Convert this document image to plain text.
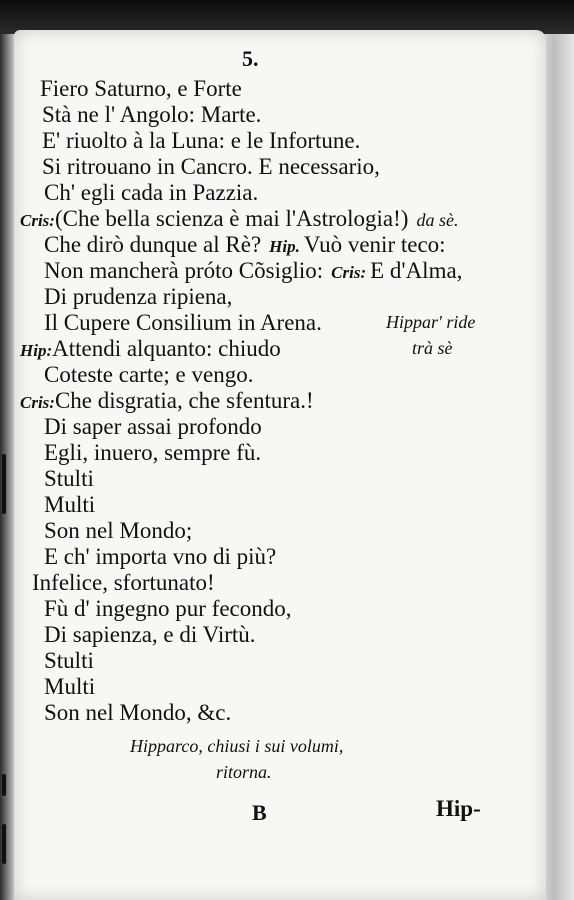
5.
Fiero Saturno, e Forte
Stà ne l' Angolo: Marte.
E' riuolto à la Luna: e le Infortune.
Si ritrouano in Cancro. E necessario,
Ch' egli cada in Pazzia.
Cris:(Che bella scienza è mai l'Astrologia!) da sè.
Che dirò dunque al Rè? Hip. Vuò venir teco:
Non mancherà próto Cõsiglio: Cris: E d'Alma,
Di prudenza ripiena,
Il Cupere Consilium in Arena.
Hip:Attendi alquanto: chiudo
Coteste carte; e vengo.
Cris:Che disgratia, che sfentura.!
Di saper assai profondo
Egli, inuero, sempre fù.
Stulti
Multi
Son nel Mondo;
E ch' importa vno di più?
Infelice, sfortunato!
Fù d' ingegno pur fecondo,
Di sapienza, e di Virtù.
Stulti
Multi
Son nel Mondo, &c.
Hippar' ride
trà sè
Hipparco, chiusi i sui volumi,
ritorna.
B	Hip-
